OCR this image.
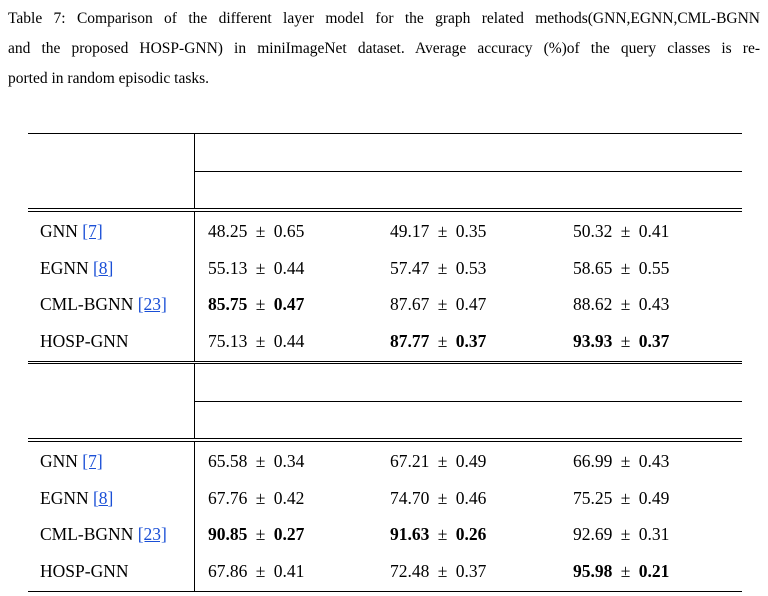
Table 7: Comparison of the different layer model for the graph related methods(GNN,EGNN,CML-BGNN
and the proposed HOSP-GNN) in miniImageNet dataset. Average accuracy (%)of the query classes is re-
ported in random episodic tasks.
GNN [7]	48.25 ± 0.65	49.17 ± 0.35	50.32 ± 0.41
EGNN [8]	55.13 ± 0.44	57.47 ± 0.53	58.65 ± 0.55
CML-BGNN [23] 85.75 ± 0.47	87.67 ± 0.47	88.62 ± 0.43
HOSP-GNN	75.13 ± 0.44	87.77 ± 0.37	93.93 ± 0.37
GNN [7]	65.58 ± 0.34	67.21 ± 0.49	66.99 ± 0.43
EGNN [8]	67.76 ± 0.42	74.70 ± 0.46	75.25 ± 0.49
CML-BGNN [23] 90.85 ± 0.27	91.63 ± 0.26	92.69 ± 0.31
HOSP-GNN	67.86 ± 0.41	72.48 ± 0.37	95.98 ± 0.21
